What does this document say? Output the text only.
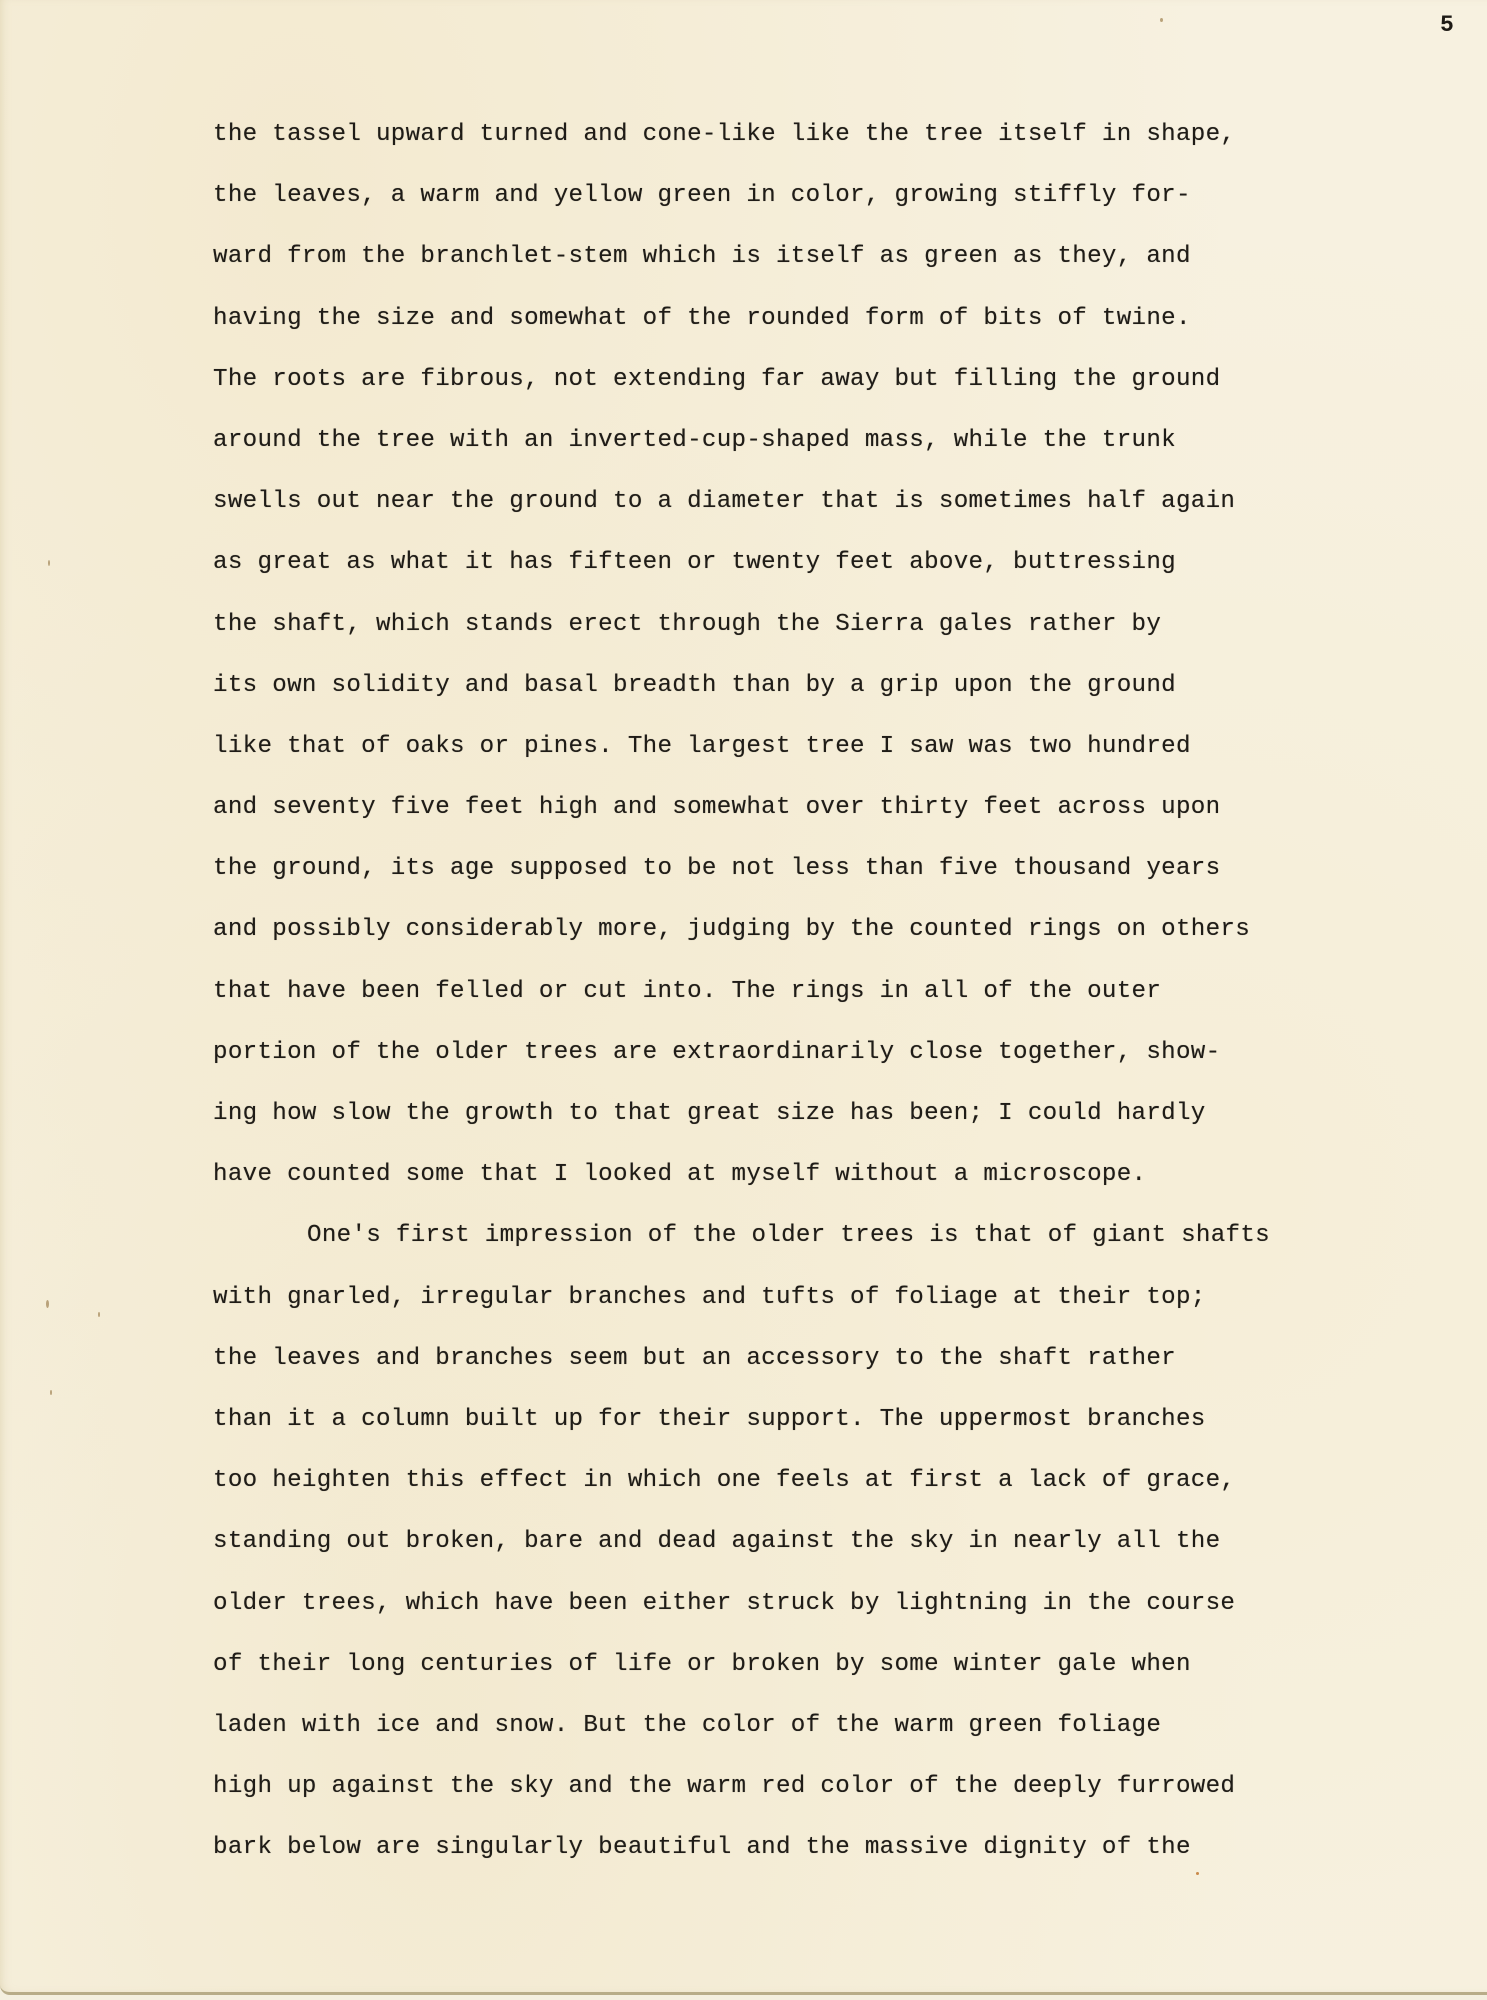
5
the tassel upward turned and cone-like like the tree itself in shape,
the leaves, a warm and yellow green in color, growing stiffly for-
ward from the branchlet-stem which is itself as green as they, and
having the size and somewhat of the rounded form of bits of twine.
The roots are fibrous, not extending far away but filling the ground
around the tree with an inverted-cup-shaped mass, while the trunk
swells out near the ground to a diameter that is sometimes half again
as great as what it has fifteen or twenty feet above, buttressing
the shaft, which stands erect through the Sierra gales rather by
its own solidity and basal breadth than by a grip upon the ground
like that of oaks or pines. The largest tree I saw was two hundred
and seventy five feet high and somewhat over thirty feet across upon
the ground, its age supposed to be not less than five thousand years
and possibly considerably more, judging by the counted rings on others
that have been felled or cut into. The rings in all of the outer
portion of the older trees are extraordinarily close together, show-
ing how slow the growth to that great size has been; I could hardly
have counted some that I looked at myself without a microscope.
One's first impression of the older trees is that of giant shafts
with gnarled, irregular branches and tufts of foliage at their top;
the leaves and branches seem but an accessory to the shaft rather
than it a column built up for their support. The uppermost branches
too heighten this effect in which one feels at first a lack of grace,
standing out broken, bare and dead against the sky in nearly all the
older trees, which have been either struck by lightning in the course
of their long centuries of life or broken by some winter gale when
laden with ice and snow. But the color of the warm green foliage
high up against the sky and the warm red color of the deeply furrowed
bark below are singularly beautiful and the massive dignity of the
